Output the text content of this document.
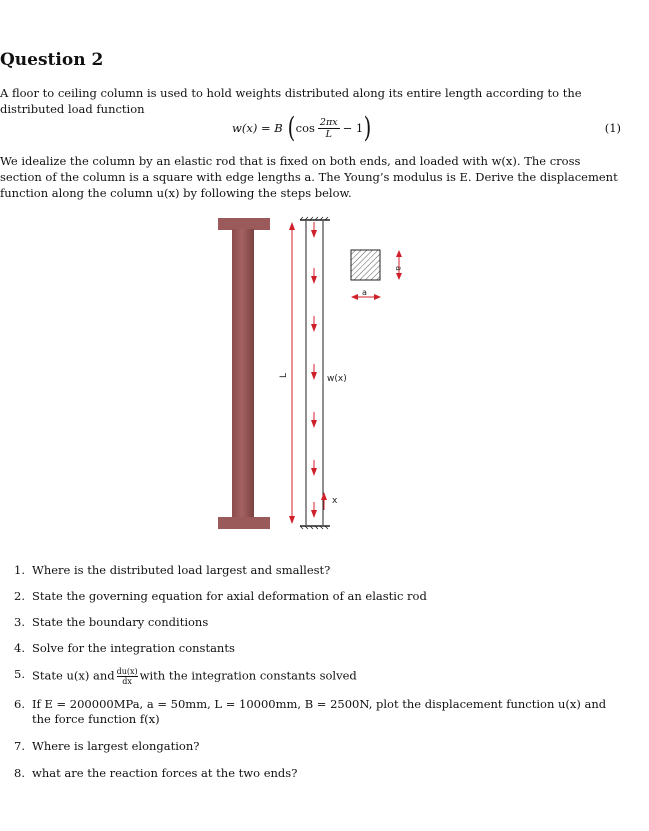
Question 2
A floor to ceiling column is used to hold weights distributed along its entire length according to the distributed load function
w(x) = B ( $\cos \frac{2\pi x}{L} - 1$ )	(1)
We idealize the column by an elastic rod that is fixed on both ends, and loaded with w(x). The cross section of the column is a square with edge lengths a. The Young’s modulus is E. Derive the displacement function along the column u(x) by following the steps below.
L	w(x)
x
a
a
1. Where is the distributed load largest and smallest?
2. State the governing equation for axial deformation of an elastic rod
3. State the boundary conditions
4. Solve for the integration constants
5. State u(x) and $\frac{du(x)}{dx}$ with the integration constants solved
6. If E = 200000MPa, a = 50mm, L = 10000mm, B = 2500N, plot the displacement function u(x) and the force function f(x)
7. Where is largest elongation?
8. what are the reaction forces at the two ends?
